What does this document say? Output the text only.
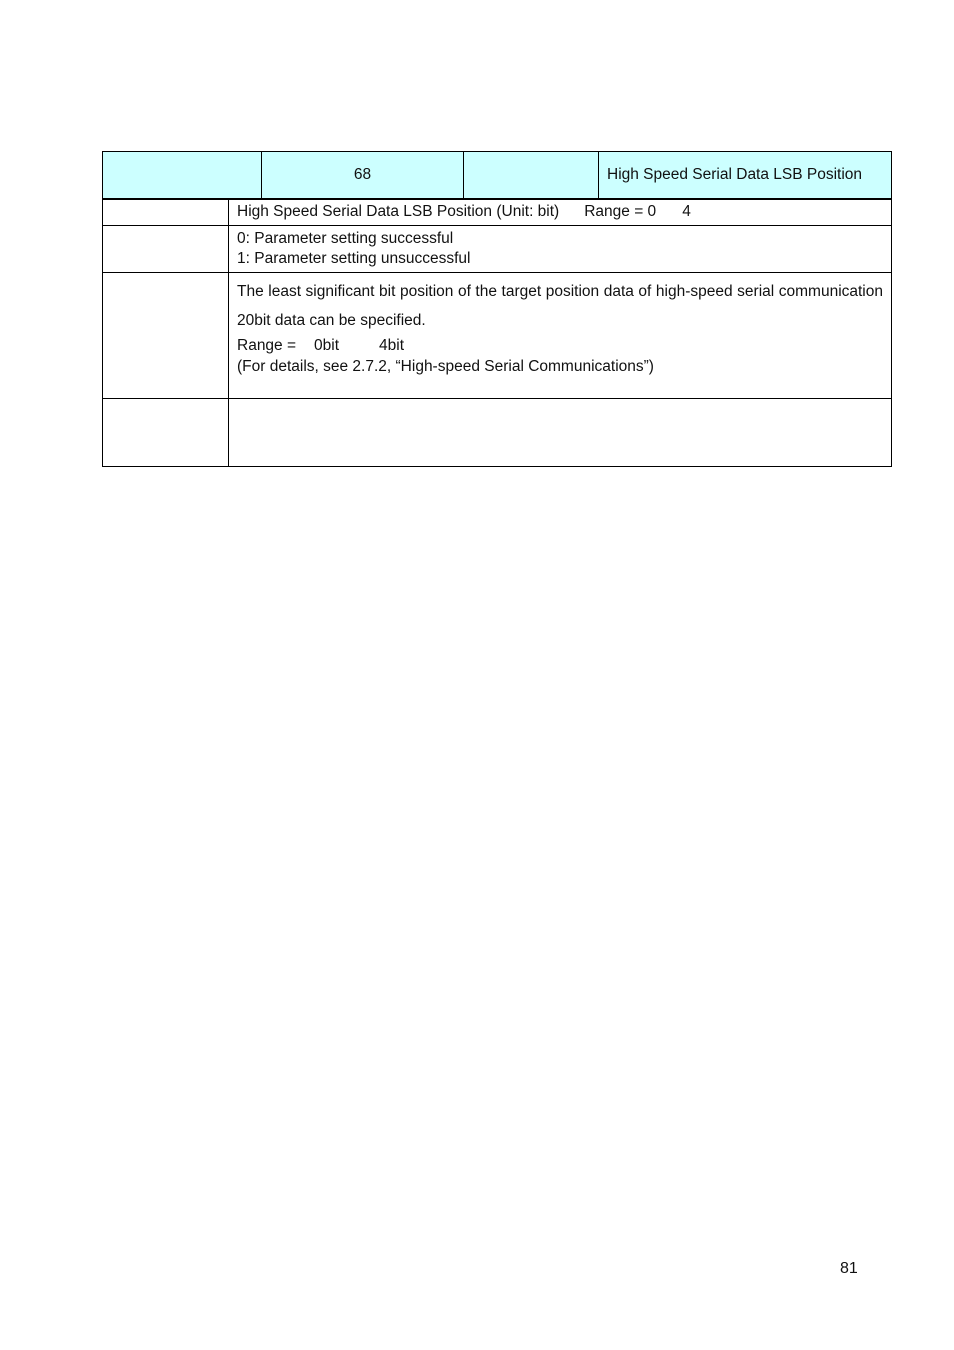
		68		High Speed Serial Data LSB Position
	High Speed Serial Data LSB Position (Unit: bit) Range = 0 4			

	0: Parameter setting successful
1: Parameter setting unsuccessful			

	The least significant bit position of the target position data of high-speed serial communication 20bit data can be specified.
Range = 0bit 4bit
(For details, see 2.7.2, “High-speed Serial Communications”)			

81
